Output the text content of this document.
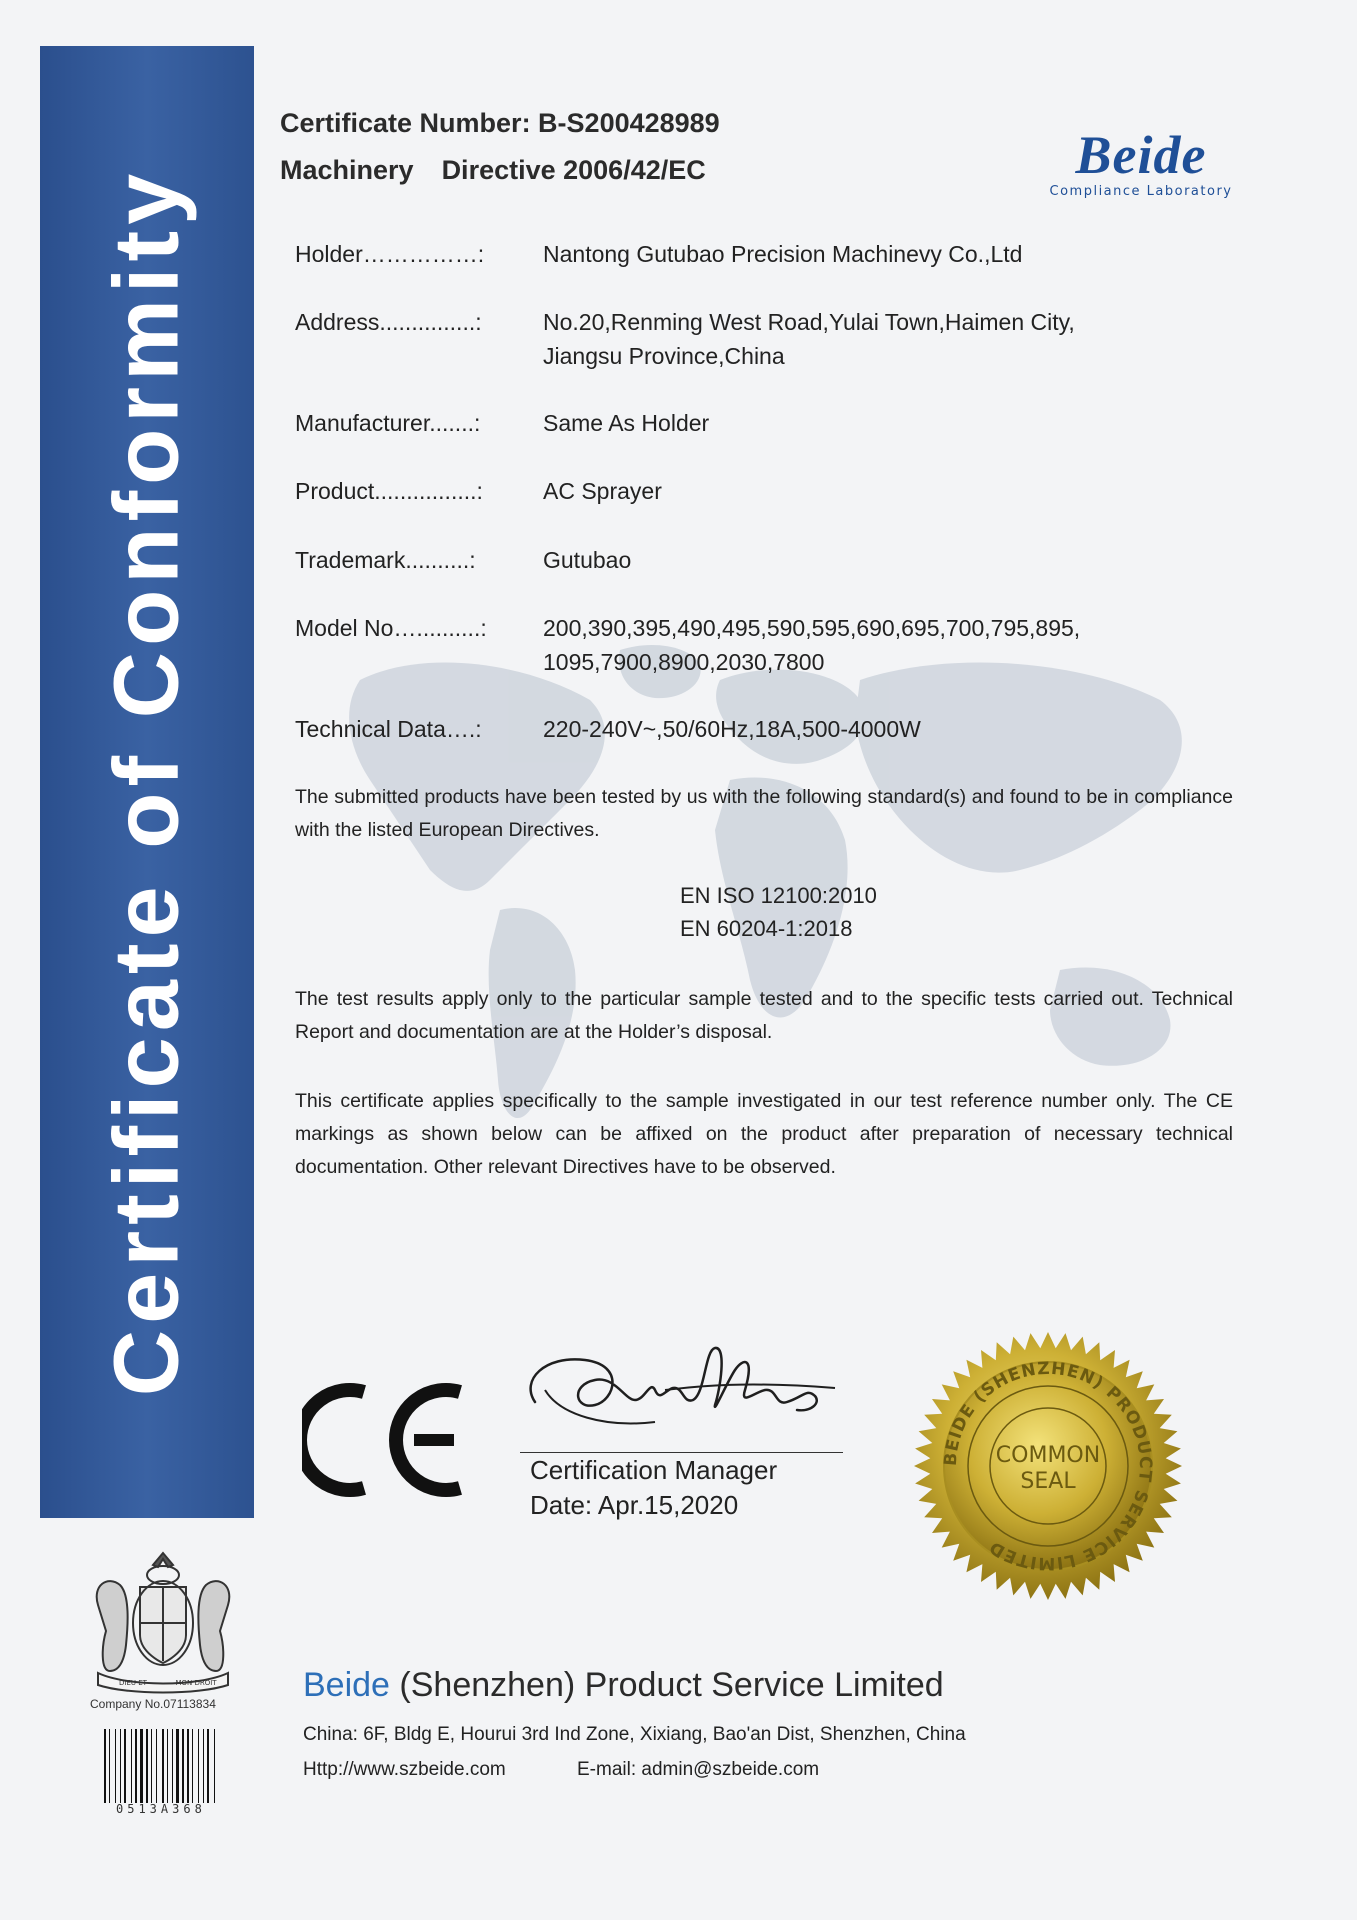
Certificate of Conformity
Certificate Number: B-S200428989
Machinery Directive 2006/42/EC	Beide
Compliance Laboratory
Holder……………:	Nantong Gutubao Precision Machinevy Co.,Ltd
Address...............:	No.20,Renming West Road,Yulai Town,Haimen City,
Jiangsu Province,China
Manufacturer.......:	Same As Holder
Product................:	AC Sprayer
Trademark..........:	Gutubao
Model No…..........: 200,390,395,490,495,590,595,690,695,700,795,895,
1095,7900,8900,2030,7800
Technical Data….:	220-240V~,50/60Hz,18A,500-4000W
The submitted products have been tested by us with the following standard(s) and found to be in compliance with the listed European Directives.
EN ISO 12100:2010
EN 60204-1:2018
The test results apply only to the particular sample tested and to the specific tests carried out. Technical Report and documentation are at the Holder’s disposal.
This certificate applies specifically to the sample investigated in our test reference number only. The CE markings as shown below can be affixed on the product after preparation of necessary technical documentation. Other relevant Directives have to be observed.
Certification Manager
Date: Apr.15,2020
BEIDE (SHENZHEN) PRODUCT SERVICE LIMITED
COMMON
SEAL
DIEU ET	MON DROIT
Company No.07113834
0513A368
Beide (Shenzhen) Product Service Limited
China: 6F, Bldg E, Hourui 3rd Ind Zone, Xixiang, Bao'an Dist, Shenzhen, China
Http://www.szbeide.com	E-mail: admin@szbeide.com
